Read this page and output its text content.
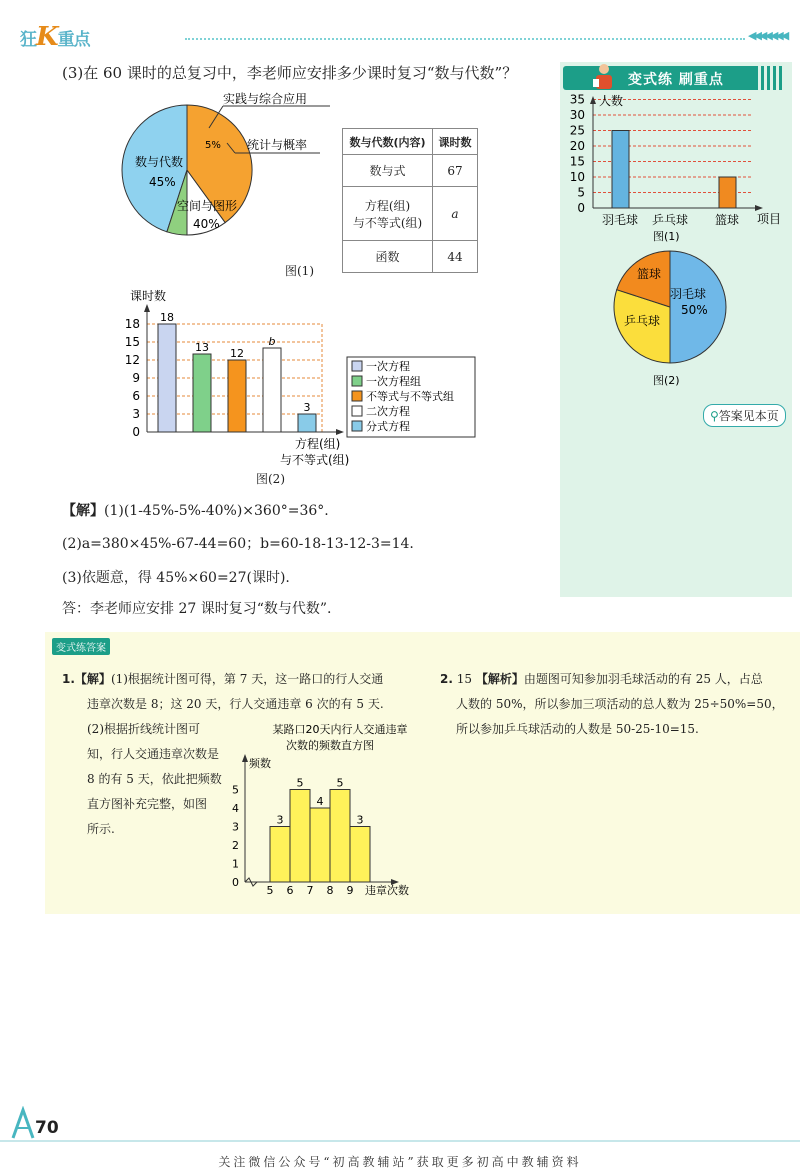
狂K重点	◀◀◀◀◀◀◀
变式练 刷重点
0
5
10
15
20
25
30
35
羽毛球 乒乓球 篮球
人数
项目
图(1)
羽毛球
50%
篮球
乒乓球
图(2)
⚲答案见本页
(3)在 60 课时的总复习中，李老师应安排多少课时复习“数与代数”？
实践与综合应用
统计与概率
数与代数
45%
空间与图形
40%
5%
图(1)
数与代数(内容)	课时数
数与式	67

方程(组)
与不等式(组)	a
函数	44
课时数
0
3
6
9
12
15
18 18
13 12
b
3
一次方程
一次方程组
不等式与不等式组
二次方程
分式方程
方程(组)
与不等式(组)
图(2)
【解】(1)(1-45%-5%-40%)×360°=36°.
(2)a=380×45%-67-44=60；b=60-18-13-12-3=14.
(3)依题意，得 45%×60=27(课时).
答：李老师应安排 27 课时复习“数与代数”.
变式练答案
1.【解】(1)根据统计图可得，第 7 天，这一路口的行人交通
违章次数是 8；这 20 天，行人交通违章 6 次的有 5 天.
(2)根据折线统计图可
知，行人交通违章次数是
8 的有 5 天，依此把频数
直方图补充完整，如图
所示.
某路口20天内行人交通违章
次数的频数直方图
频数
0
1
2
3
4
5
3
5
5
6
4
7
5
8
3
9 违章次数
2. 15 【解析】由题图可知参加羽毛球活动的有 25 人，占总
人数的 50%，所以参加三项活动的总人数为 25÷50%=50，
所以参加乒乓球活动的人数是 50-25-10=15.
70
关注微信公众号“初高教辅站”获取更多初高中教辅资料
